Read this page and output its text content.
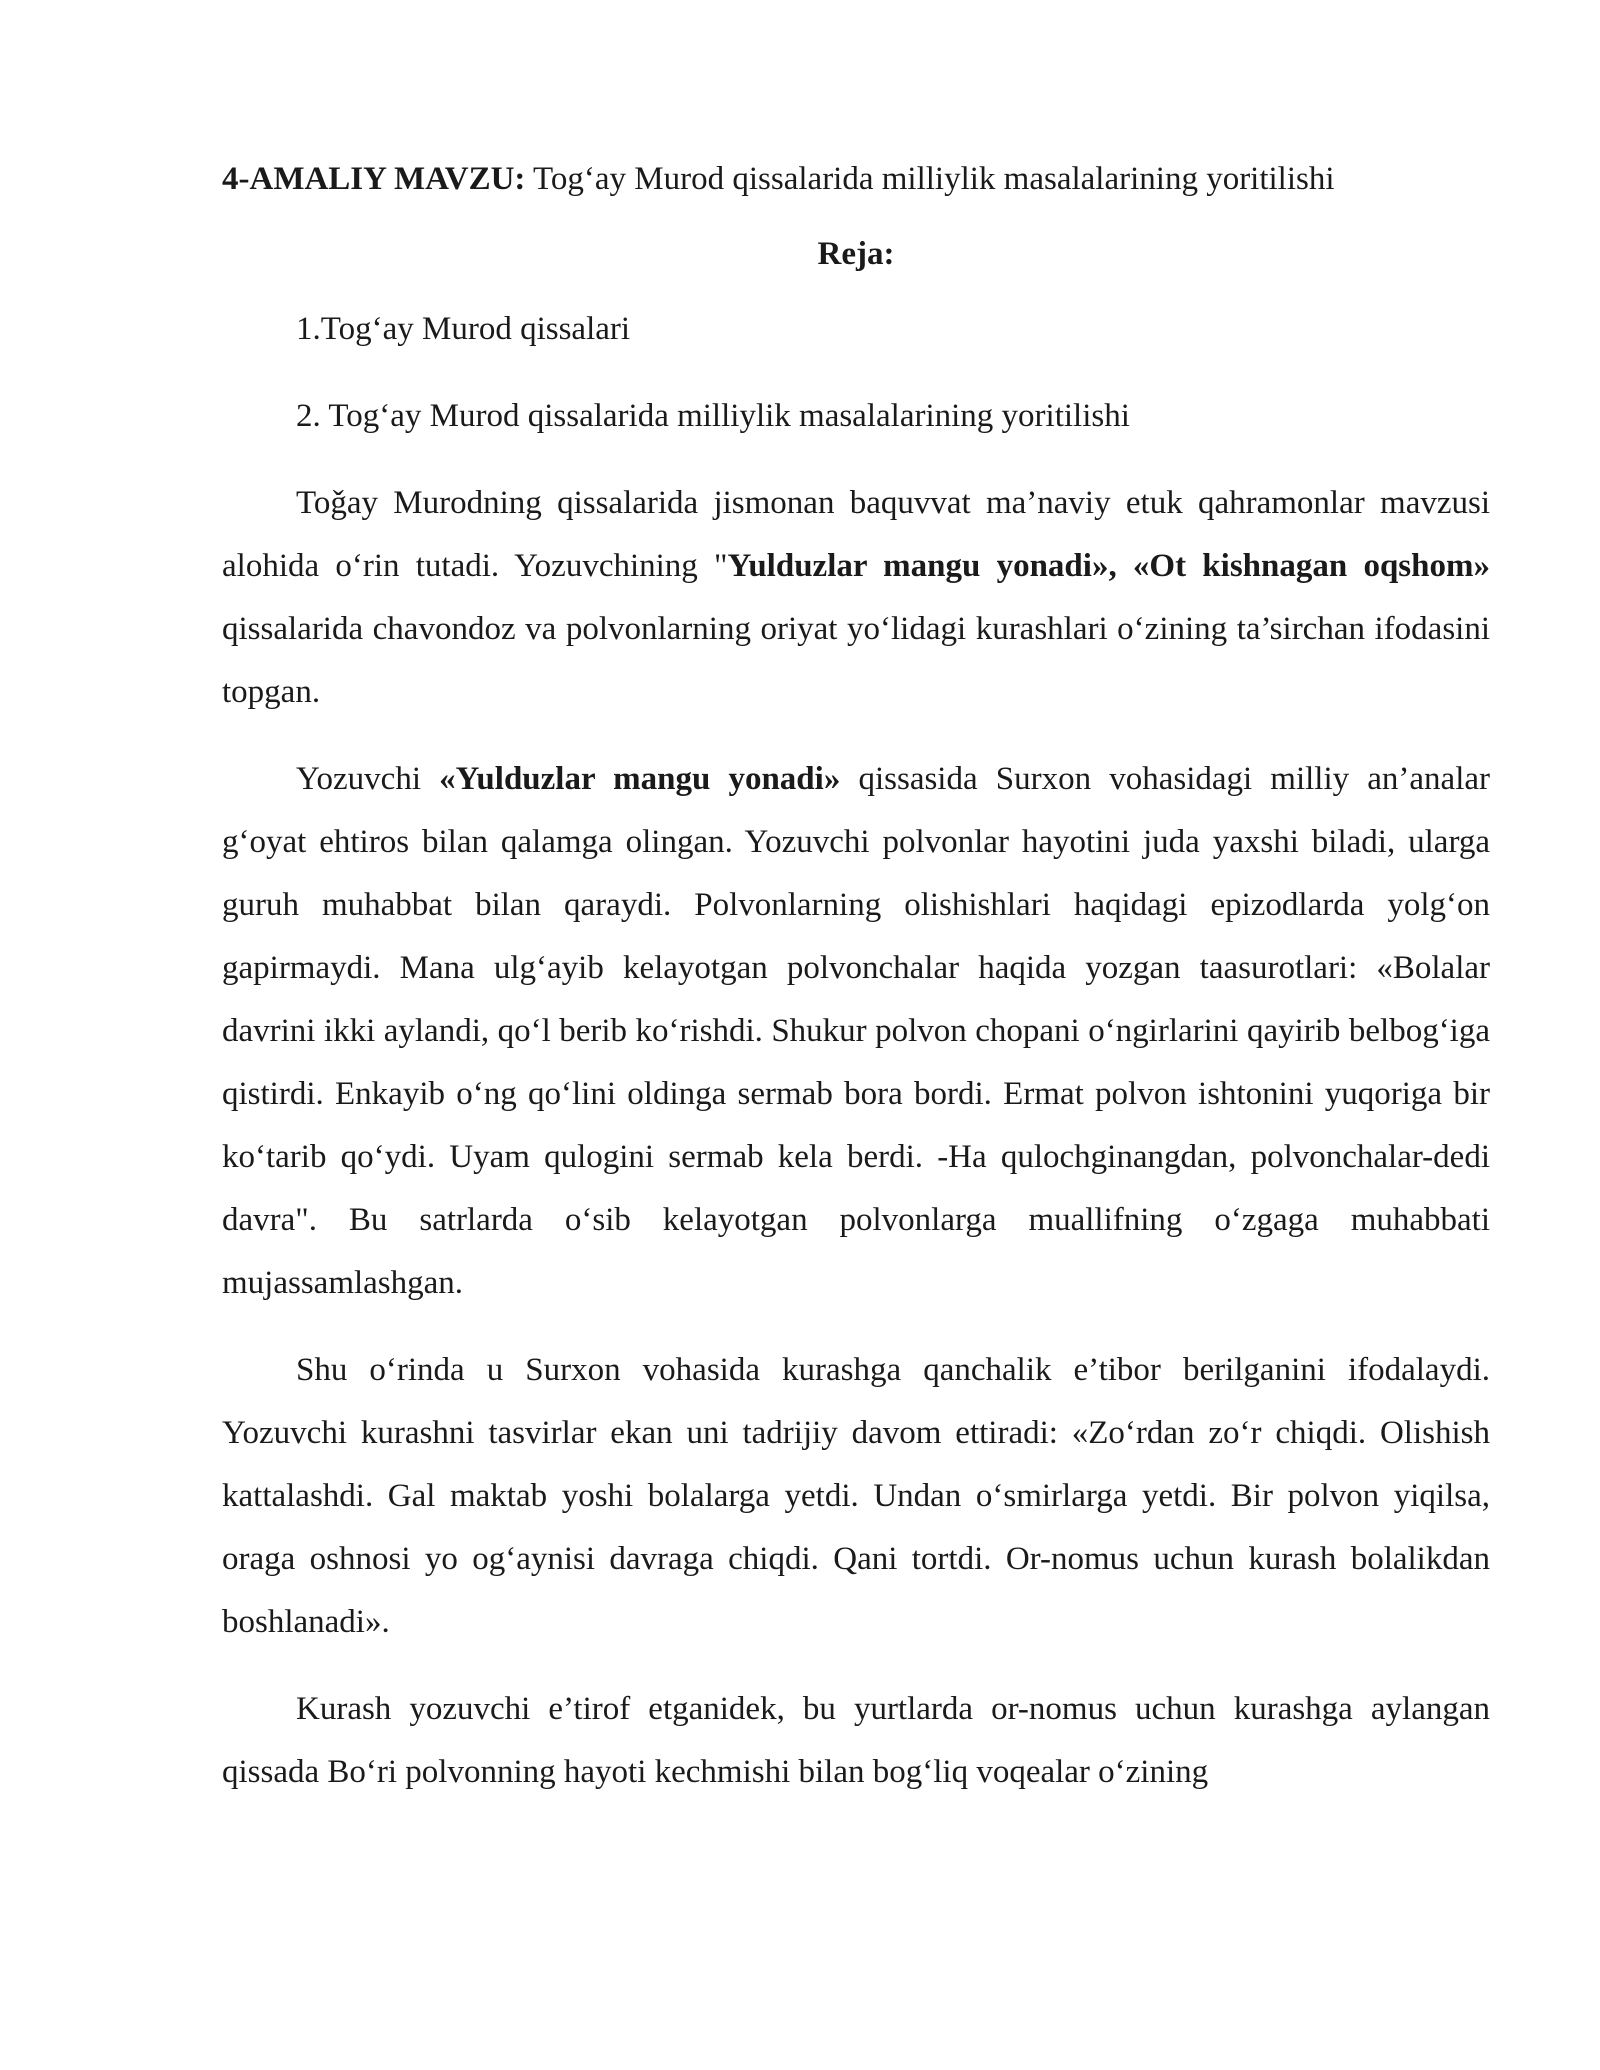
4-AMALIY MAVZU: Tog‘ay Murod qissalarida milliylik masalalarining yoritilishi

Reja:

1.Tog‘ay Murod qissalari

2. Tog‘ay Murod qissalarida milliylik masalalarining yoritilishi

Toǧay Murodning qissalarida jismonan baquvvat ma’naviy etuk qahramonlar mavzusi alohida o‘rin tutadi. Yozuvchining "Yulduzlar mangu yonadi», «Ot kishnagan oqshom» qissalarida chavondoz va polvonlarning oriyat yo‘lidagi kurashlari o‘zining ta’sirchan ifodasini topgan.

Yozuvchi «Yulduzlar mangu yonadi» qissasida Surxon vohasidagi milliy an’analar g‘oyat ehtiros bilan qalamga olingan. Yozuvchi polvonlar hayotini juda yaxshi biladi, ularga guruh muhabbat bilan qaraydi. Polvonlarning olishishlari haqidagi epizodlarda yolg‘on gapirmaydi. Mana ulg‘ayib kelayotgan polvonchalar haqida yozgan taasurotlari: «Bolalar davrini ikki aylandi, qo‘l berib ko‘rishdi. Shukur polvon chopani o‘ngirlarini qayirib belbog‘iga qistirdi. Enkayib o‘ng qo‘lini oldinga sermab bora bordi. Ermat polvon ishtonini yuqoriga bir ko‘tarib qo‘ydi. Uyam qulogini sermab kela berdi. -Ha qulochginangdan, polvonchalar-dedi davra". Bu satrlarda o‘sib kelayotgan polvonlarga muallifning o‘zgaga muhabbati mujassamlashgan.

Shu o‘rinda u Surxon vohasida kurashga qanchalik e’tibor berilganini ifodalaydi. Yozuvchi kurashni tasvirlar ekan uni tadrijiy davom ettiradi: «Zo‘rdan zo‘r chiqdi. Olishish kattalashdi. Gal maktab yoshi bolalarga yetdi. Undan o‘smirlarga yetdi. Bir polvon yiqilsa, oraga oshnosi yo og‘aynisi davraga chiqdi. Qani tortdi. Or-nomus uchun kurash bolalikdan boshlanadi».

Kurash yozuvchi e’tirof etganidek, bu yurtlarda or-nomus uchun kurashga aylangan qissada Bo‘ri polvonning hayoti kechmishi bilan bog‘liq voqealar o‘zining
